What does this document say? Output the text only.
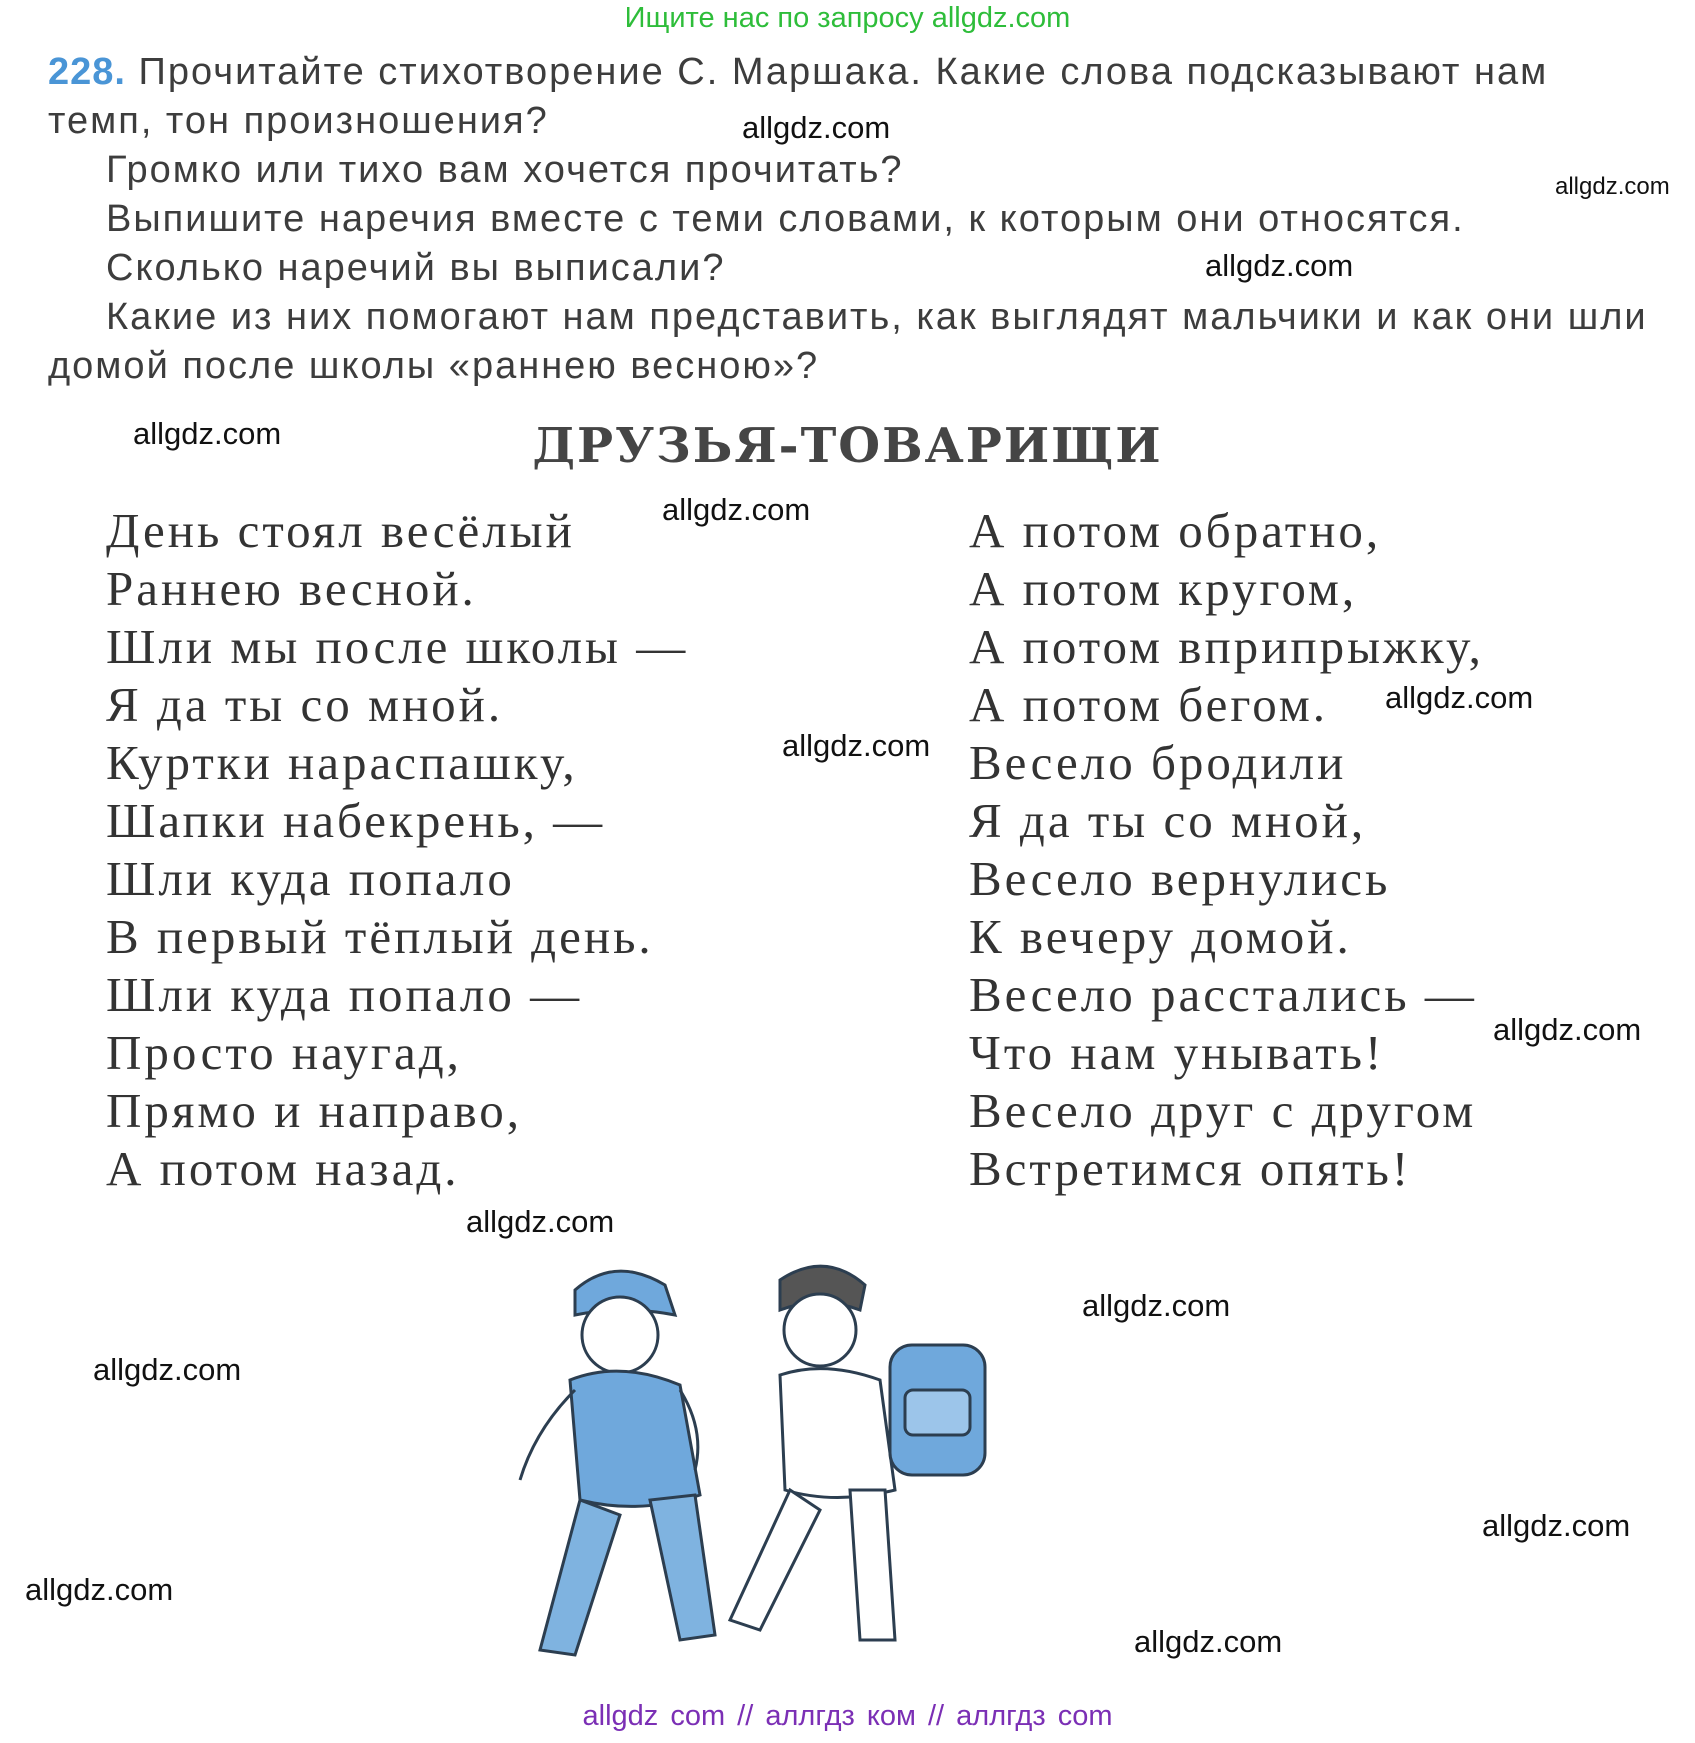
Ищите нас по запросу allgdz.com

228. Прочитайте стихотворение С. Маршака. Какие слова подсказывают нам темп, тон произношения?

Громко или тихо вам хочется прочитать?

Выпишите наречия вместе с теми словами, к которым они относятся.

Сколько наречий вы выписали?

Какие из них помогают нам представить, как выглядят мальчики и как они шли домой после школы «раннею весною»?

ДРУЗЬЯ-ТОВАРИЩИ
День стоял весёлый
Раннею весной.
Шли мы после школы —
Я да ты со мной.
Куртки нараспашку,
Шапки набекрень, —
Шли куда попало
В первый тёплый день.
Шли куда попало —
Просто наугад,
Прямо и направо,
А потом назад.
А потом обратно,
А потом кругом,
А потом вприпрыжку,
А потом бегом.
Весело бродили
Я да ты со мной,
Весело вернулись
К вечеру домой.
Весело расстались —
Что нам унывать!
Весело друг с другом
Встретимся опять!
allgdz.com
allgdz.com
allgdz.com
allgdz.com
allgdz.com
allgdz.com
allgdz.com
allgdz.com
allgdz.com
allgdz.com
allgdz.com
allgdz.com
allgdz.com
allgdz.com
allgdz com // аллгдз ком // аллгдз com
